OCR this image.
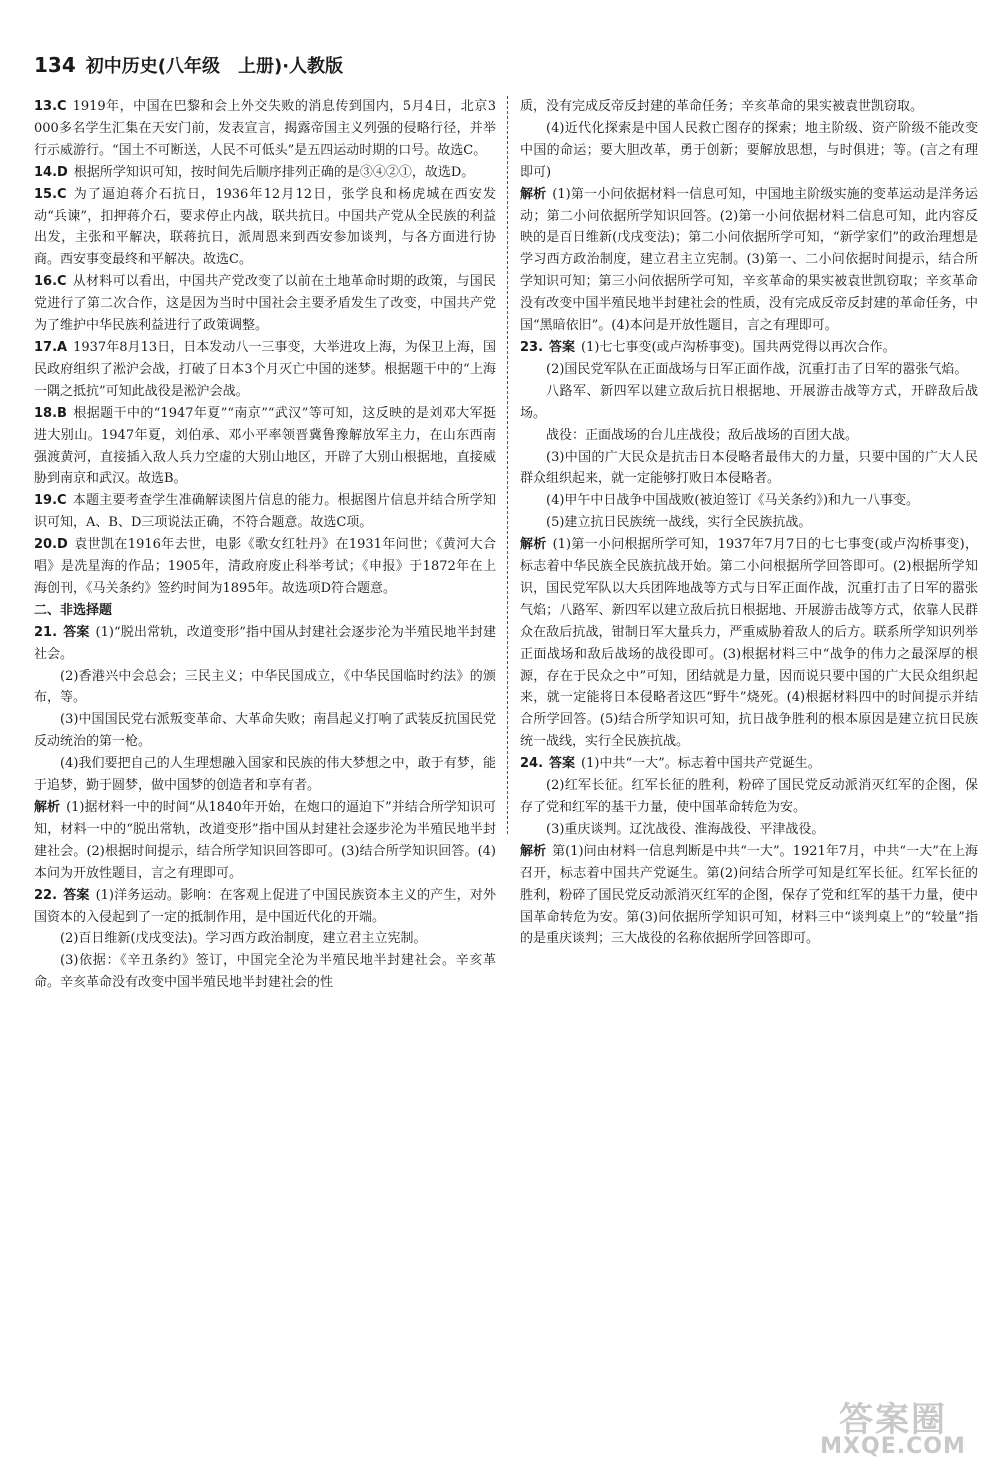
134 初中历史(八年级　上册)·人教版

13.C 1919年，中国在巴黎和会上外交失败的消息传到国内，5月4日，北京3 000多名学生汇集在天安门前，发表宣言，揭露帝国主义列强的侵略行径，并举行示威游行。“国土不可断送，人民不可低头”是五四运动时期的口号。故选C。

14.D 根据所学知识可知，按时间先后顺序排列正确的是③④②①，故选D。

15.C 为了逼迫蒋介石抗日，1936年12月12日，张学良和杨虎城在西安发动“兵谏”，扣押蒋介石，要求停止内战，联共抗日。中国共产党从全民族的利益出发，主张和平解决，联蒋抗日，派周恩来到西安参加谈判，与各方面进行协商。西安事变最终和平解决。故选C。

16.C 从材料可以看出，中国共产党改变了以前在土地革命时期的政策，与国民党进行了第二次合作，这是因为当时中国社会主要矛盾发生了改变，中国共产党为了维护中华民族利益进行了政策调整。

17.A 1937年8月13日，日本发动八一三事变，大举进攻上海，为保卫上海，国民政府组织了淞沪会战，打破了日本3个月灭亡中国的迷梦。根据题干中的“上海一隅之抵抗”可知此战役是淞沪会战。

18.B 根据题干中的“1947年夏”“南京”“武汉”等可知，这反映的是刘邓大军挺进大别山。1947年夏，刘伯承、邓小平率领晋冀鲁豫解放军主力，在山东西南强渡黄河，直接插入敌人兵力空虚的大别山地区，开辟了大别山根据地，直接威胁到南京和武汉。故选B。

19.C 本题主要考查学生准确解读图片信息的能力。根据图片信息并结合所学知识可知，A、B、D三项说法正确，不符合题意。故选C项。

20.D 袁世凯在1916年去世，电影《歌女红牡丹》在1931年问世；《黄河大合唱》是冼星海的作品；1905年，清政府废止科举考试；《申报》于1872年在上海创刊，《马关条约》签约时间为1895年。故选项D符合题意。

二、非选择题

21. 答案 (1)“脱出常轨，改道变形”指中国从封建社会逐步沦为半殖民地半封建社会。

(2)香港兴中会总会；三民主义；中华民国成立，《中华民国临时约法》的颁布，等。

(3)中国国民党右派叛变革命、大革命失败；南昌起义打响了武装反抗国民党反动统治的第一枪。

(4)我们要把自己的人生理想融入国家和民族的伟大梦想之中，敢于有梦，能于追梦，勤于圆梦，做中国梦的创造者和享有者。

解析 (1)据材料一中的时间“从1840年开始，在炮口的逼迫下”并结合所学知识可知，材料一中的“脱出常轨，改道变形”指中国从封建社会逐步沦为半殖民地半封建社会。(2)根据时间提示，结合所学知识回答即可。(3)结合所学知识回答。(4)本问为开放性题目，言之有理即可。

22. 答案 (1)洋务运动。影响：在客观上促进了中国民族资本主义的产生，对外国资本的入侵起到了一定的抵制作用，是中国近代化的开端。

(2)百日维新(戊戌变法)。学习西方政治制度，建立君主立宪制。

(3)依据：《辛丑条约》签订，中国完全沦为半殖民地半封建社会。辛亥革命。辛亥革命没有改变中国半殖民地半封建社会的性

质，没有完成反帝反封建的革命任务；辛亥革命的果实被袁世凯窃取。

(4)近代化探索是中国人民救亡图存的探索；地主阶级、资产阶级不能改变中国的命运；要大胆改革，勇于创新；要解放思想，与时俱进；等。(言之有理即可)

解析 (1)第一小问依据材料一信息可知，中国地主阶级实施的变革运动是洋务运动；第二小问依据所学知识回答。(2)第一小问依据材料二信息可知，此内容反映的是百日维新(戊戌变法)；第二小问依据所学可知，“新学家们”的政治理想是学习西方政治制度，建立君主立宪制。(3)第一、二小问依据时间提示，结合所学知识可知；第三小问依据所学可知，辛亥革命的果实被袁世凯窃取；辛亥革命没有改变中国半殖民地半封建社会的性质，没有完成反帝反封建的革命任务，中国“黑暗依旧”。(4)本问是开放性题目，言之有理即可。

23. 答案 (1)七七事变(或卢沟桥事变)。国共两党得以再次合作。

(2)国民党军队在正面战场与日军正面作战，沉重打击了日军的嚣张气焰。

八路军、新四军以建立敌后抗日根据地、开展游击战等方式，开辟敌后战场。

战役：正面战场的台儿庄战役；敌后战场的百团大战。

(3)中国的广大民众是抗击日本侵略者最伟大的力量，只要中国的广大人民群众组织起来，就一定能够打败日本侵略者。

(4)甲午中日战争中国战败(被迫签订《马关条约》)和九一八事变。

(5)建立抗日民族统一战线，实行全民族抗战。

解析 (1)第一小问根据所学可知，1937年7月7日的七七事变(或卢沟桥事变)，标志着中华民族全民族抗战开始。第二小问根据所学回答即可。(2)根据所学知识，国民党军队以大兵团阵地战等方式与日军正面作战，沉重打击了日军的嚣张气焰；八路军、新四军以建立敌后抗日根据地、开展游击战等方式，依靠人民群众在敌后抗战，钳制日军大量兵力，严重威胁着敌人的后方。联系所学知识列举正面战场和敌后战场的战役即可。(3)根据材料三中“战争的伟力之最深厚的根源，存在于民众之中”可知，团结就是力量，因而说只要中国的广大民众组织起来，就一定能将日本侵略者这匹“野牛”烧死。(4)根据材料四中的时间提示并结合所学回答。(5)结合所学知识可知，抗日战争胜利的根本原因是建立抗日民族统一战线，实行全民族抗战。

24. 答案 (1)中共“一大”。标志着中国共产党诞生。

(2)红军长征。红军长征的胜利，粉碎了国民党反动派消灭红军的企图，保存了党和红军的基干力量，使中国革命转危为安。

(3)重庆谈判。辽沈战役、淮海战役、平津战役。

解析 第(1)问由材料一信息判断是中共“一大”。1921年7月，中共“一大”在上海召开，标志着中国共产党诞生。第(2)问结合所学可知是红军长征。红军长征的胜利，粉碎了国民党反动派消灭红军的企图，保存了党和红军的基干力量，使中国革命转危为安。第(3)问依据所学知识可知，材料三中“谈判桌上”的“较量”指的是重庆谈判；三大战役的名称依据所学回答即可。

答案圈
MXQE.COM
